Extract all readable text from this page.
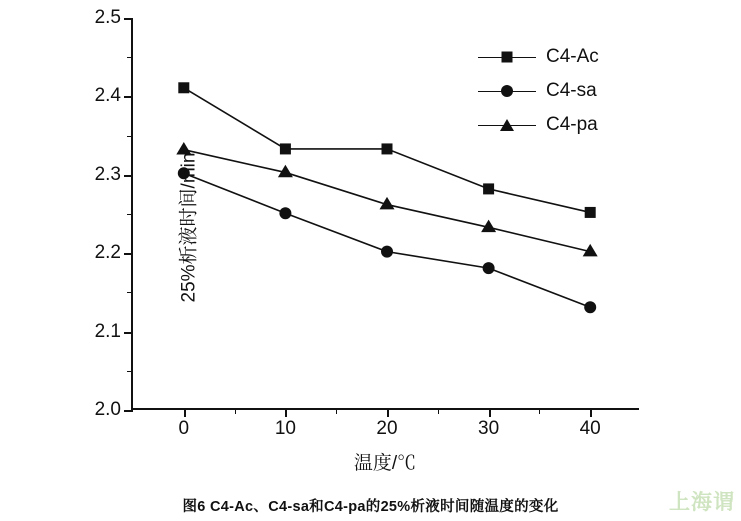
2.0
2.1
2.2
2.3
2.4
2.5
0	10	20	30	40
C4-Ac
C4-sa
C4-pa
温度/℃
25%析液时间/min
图6 C4-Ac、C4-sa和C4-pa的25%析液时间随温度的变化	上海谓
